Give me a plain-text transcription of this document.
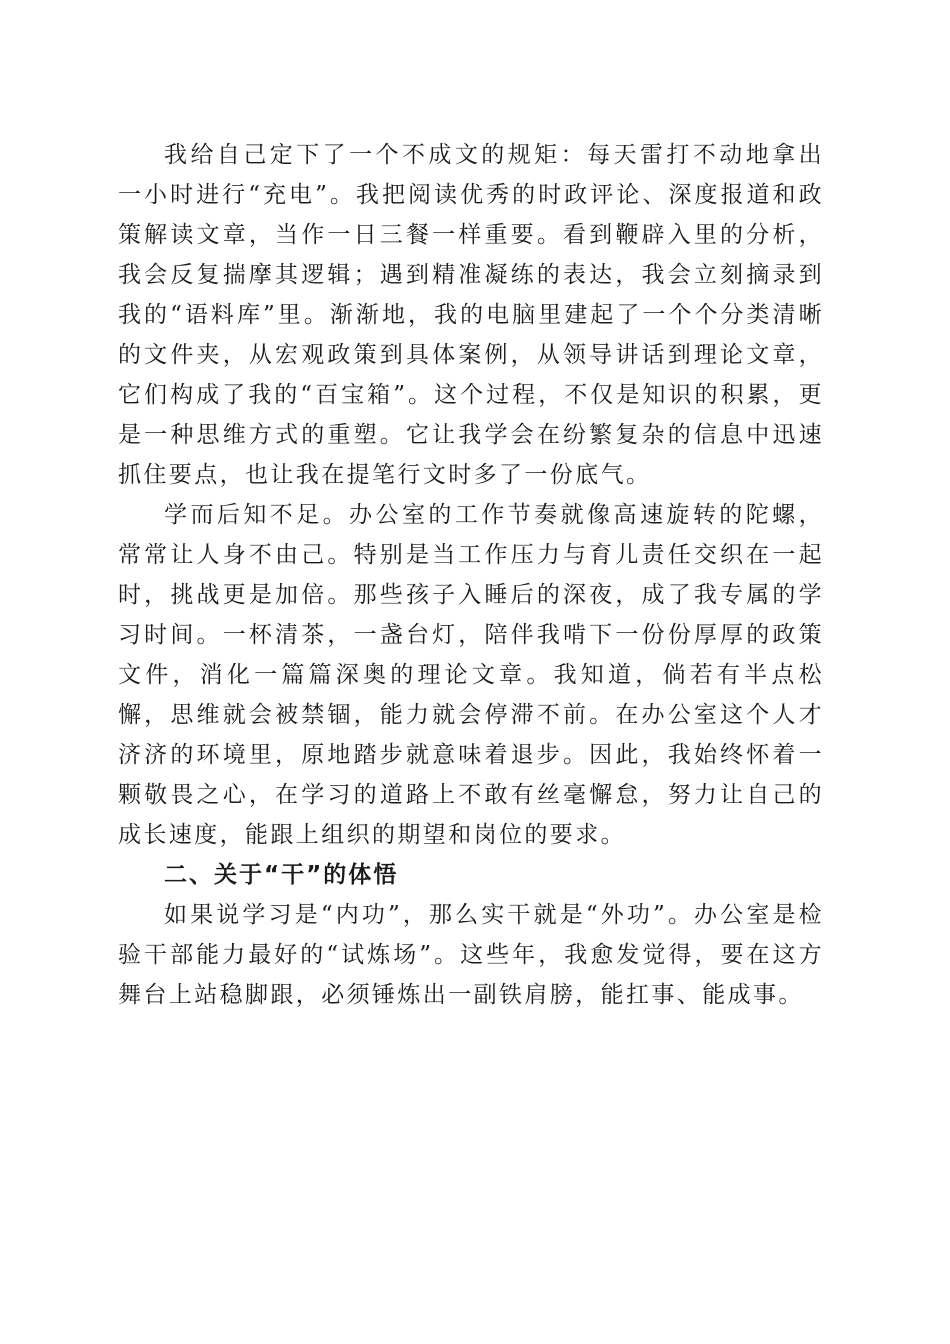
我给自己定下了一个不成文的规矩：每天雷打不动地拿出一小时进行“充电”。我把阅读优秀的时政评论、深度报道和政策解读文章，当作一日三餐一样重要。看到鞭辟入里的分析，我会反复揣摩其逻辑；遇到精准凝练的表达，我会立刻摘录到我的“语料库”里。渐渐地，我的电脑里建起了一个个分类清晰的文件夹，从宏观政策到具体案例，从领导讲话到理论文章，它们构成了我的“百宝箱”。这个过程，不仅是知识的积累，更是一种思维方式的重塑。它让我学会在纷繁复杂的信息中迅速抓住要点，也让我在提笔行文时多了一份底气。

学而后知不足。办公室的工作节奏就像高速旋转的陀螺，常常让人身不由己。特别是当工作压力与育儿责任交织在一起时，挑战更是加倍。那些孩子入睡后的深夜，成了我专属的学习时间。一杯清茶，一盏台灯，陪伴我啃下一份份厚厚的政策文件，消化一篇篇深奥的理论文章。我知道，倘若有半点松懈，思维就会被禁锢，能力就会停滞不前。在办公室这个人才济济的环境里，原地踏步就意味着退步。因此，我始终怀着一颗敬畏之心，在学习的道路上不敢有丝毫懈怠，努力让自己的成长速度，能跟上组织的期望和岗位的要求。

二、关于“干”的体悟

如果说学习是“内功”，那么实干就是“外功”。办公室是检验干部能力最好的“试炼场”。这些年，我愈发觉得，要在这方舞台上站稳脚跟，必须锤炼出一副铁肩膀，能扛事、能成事。
